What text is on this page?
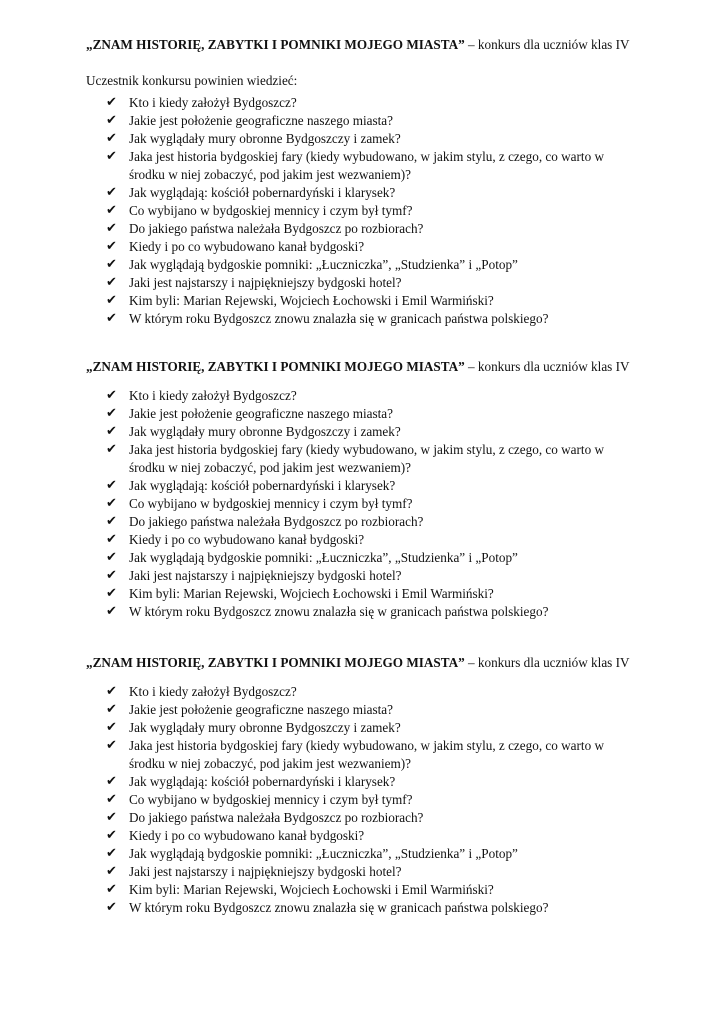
„ZNAM HISTORIĘ, ZABYTKI I POMNIKI MOJEGO MIASTA” – konkurs dla uczniów klas IV

Uczestnik konkursu powinien wiedzieć:

✔ Kto i kiedy założył Bydgoszcz?
✔ Jakie jest położenie geograficzne naszego miasta?
✔ Jak wyglądały mury obronne Bydgoszczy i zamek?
✔ Jaka jest historia bydgoskiej fary (kiedy wybudowano, w jakim stylu, z czego, co warto w środku w niej zobaczyć, pod jakim jest wezwaniem)?
✔ Jak wyglądają: kościół pobernardyński i klarysek?
✔ Co wybijano w bydgoskiej mennicy i czym był tymf?
✔ Do jakiego państwa należała Bydgoszcz po rozbiorach?
✔ Kiedy i po co wybudowano kanał bydgoski?
✔ Jak wyglądają bydgoskie pomniki: „Łuczniczka”, „Studzienka” i „Potop”
✔ Jaki jest najstarszy i najpiękniejszy bydgoski hotel?
✔ Kim byli: Marian Rejewski, Wojciech Łochowski i Emil Warmiński?
✔ W którym roku Bydgoszcz znowu znalazła się w granicach państwa polskiego?
„ZNAM HISTORIĘ, ZABYTKI I POMNIKI MOJEGO MIASTA” – konkurs dla uczniów klas IV
✔ Kto i kiedy założył Bydgoszcz?
✔ Jakie jest położenie geograficzne naszego miasta?
✔ Jak wyglądały mury obronne Bydgoszczy i zamek?
✔ Jaka jest historia bydgoskiej fary (kiedy wybudowano, w jakim stylu, z czego, co warto w środku w niej zobaczyć, pod jakim jest wezwaniem)?
✔ Jak wyglądają: kościół pobernardyński i klarysek?
✔ Co wybijano w bydgoskiej mennicy i czym był tymf?
✔ Do jakiego państwa należała Bydgoszcz po rozbiorach?
✔ Kiedy i po co wybudowano kanał bydgoski?
✔ Jak wyglądają bydgoskie pomniki: „Łuczniczka”, „Studzienka” i „Potop”
✔ Jaki jest najstarszy i najpiękniejszy bydgoski hotel?
✔ Kim byli: Marian Rejewski, Wojciech Łochowski i Emil Warmiński?
✔ W którym roku Bydgoszcz znowu znalazła się w granicach państwa polskiego?
„ZNAM HISTORIĘ, ZABYTKI I POMNIKI MOJEGO MIASTA” – konkurs dla uczniów klas IV
✔ Kto i kiedy założył Bydgoszcz?
✔ Jakie jest położenie geograficzne naszego miasta?
✔ Jak wyglądały mury obronne Bydgoszczy i zamek?
✔ Jaka jest historia bydgoskiej fary (kiedy wybudowano, w jakim stylu, z czego, co warto w środku w niej zobaczyć, pod jakim jest wezwaniem)?
✔ Jak wyglądają: kościół pobernardyński i klarysek?
✔ Co wybijano w bydgoskiej mennicy i czym był tymf?
✔ Do jakiego państwa należała Bydgoszcz po rozbiorach?
✔ Kiedy i po co wybudowano kanał bydgoski?
✔ Jak wyglądają bydgoskie pomniki: „Łuczniczka”, „Studzienka” i „Potop”
✔ Jaki jest najstarszy i najpiękniejszy bydgoski hotel?
✔ Kim byli: Marian Rejewski, Wojciech Łochowski i Emil Warmiński?
✔ W którym roku Bydgoszcz znowu znalazła się w granicach państwa polskiego?
